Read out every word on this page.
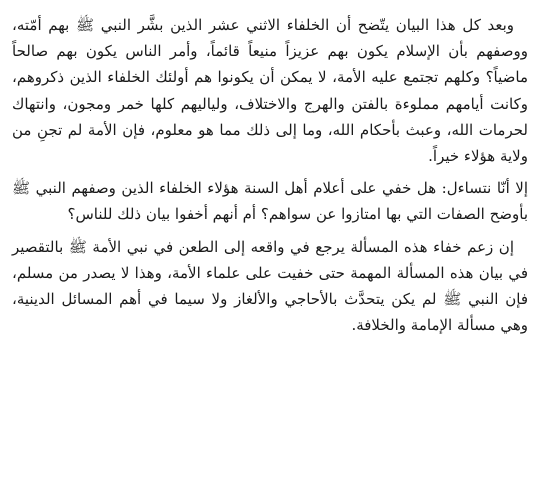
وبعد كل هذا البيان يتّضح أن الخلفاء الاثني عشر الذين بشَّر النبي ﷺ بهم أمّته، ووصفهم بأن الإسلام يكون بهم عزيزاً منيعاً قائماً، وأمر الناس يكون بهم صالحاً ماضياً؟ وكلهم تجتمع عليه الأمة، لا يمكن أن يكونوا هم أولئك الخلفاء الذين ذكروهم، وكانت أيامهم مملوءة بالفتن والهرج والاختلاف، ولياليهم كلها خمر ومجون، وانتهاك لحرمات الله، وعبث بأحكام الله، وما إلى ذلك مما هو معلوم، فإن الأمة لم تجنِ من ولاية هؤلاء خيراً.

إلا أنّا نتساءل: هل خفي على أعلام أهل السنة هؤلاء الخلفاء الذين وصفهم النبي ﷺ بأوضح الصفات التي بها امتازوا عن سواهم؟ أم أنهم أخفوا بيان ذلك للناس؟

إن زعم خفاء هذه المسألة يرجع في واقعه إلى الطعن في نبي الأمة ﷺ بالتقصير في بيان هذه المسألة المهمة حتى خفيت على علماء الأمة، وهذا لا يصدر من مسلم، فإن النبي ﷺ لم يكن يتحدَّث بالأحاجي والألغاز ولا سيما في أهم المسائل الدينية، وهي مسألة الإمامة والخلافة.
